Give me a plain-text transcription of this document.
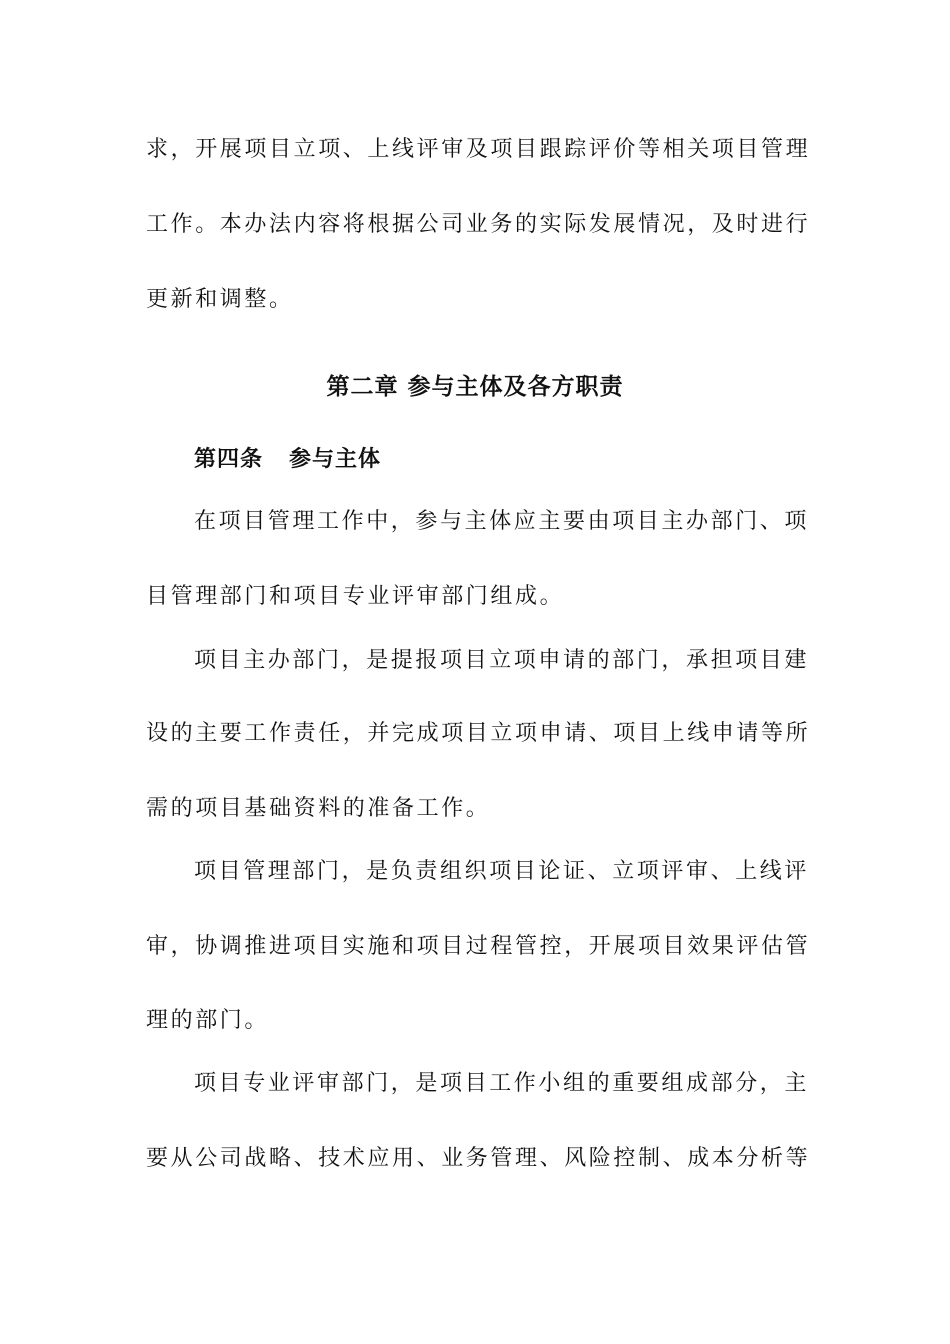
求，开展项目立项、上线评审及项目跟踪评价等相关项目管理
工作。本办法内容将根据公司业务的实际发展情况，及时进行
更新和调整。
第二章 参与主体及各方职责
第四条   参与主体
在项目管理工作中，参与主体应主要由项目主办部门、项
目管理部门和项目专业评审部门组成。
项目主办部门，是提报项目立项申请的部门，承担项目建
设的主要工作责任，并完成项目立项申请、项目上线申请等所
需的项目基础资料的准备工作。
项目管理部门，是负责组织项目论证、立项评审、上线评
审，协调推进项目实施和项目过程管控，开展项目效果评估管
理的部门。
项目专业评审部门，是项目工作小组的重要组成部分，主
要从公司战略、技术应用、业务管理、风险控制、成本分析等
